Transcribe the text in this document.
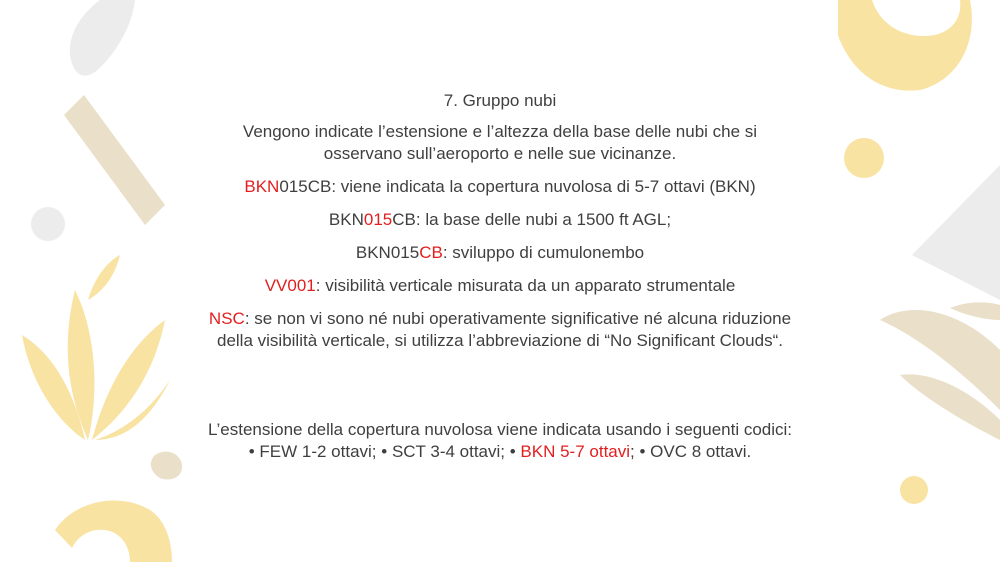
7. Gruppo nubi

Vengono indicate l’estensione e l’altezza della base delle nubi che si
osservano sull’aeroporto e nelle sue vicinanze.

BKN015CB: viene indicata la copertura nuvolosa di 5-7 ottavi (BKN)

BKN015CB: la base delle nubi a 1500 ft AGL;

BKN015CB: sviluppo di cumulonembo

VV001: visibilità verticale misurata da un apparato strumentale

NSC: se non vi sono né nubi operativamente significative né alcuna riduzione
della visibilità verticale, si utilizza l’abbreviazione di “No Significant Clouds“.

L’estensione della copertura nuvolosa viene indicata usando i seguenti codici:
• FEW 1-2 ottavi; • SCT 3-4 ottavi; • BKN 5-7 ottavi; • OVC 8 ottavi.
